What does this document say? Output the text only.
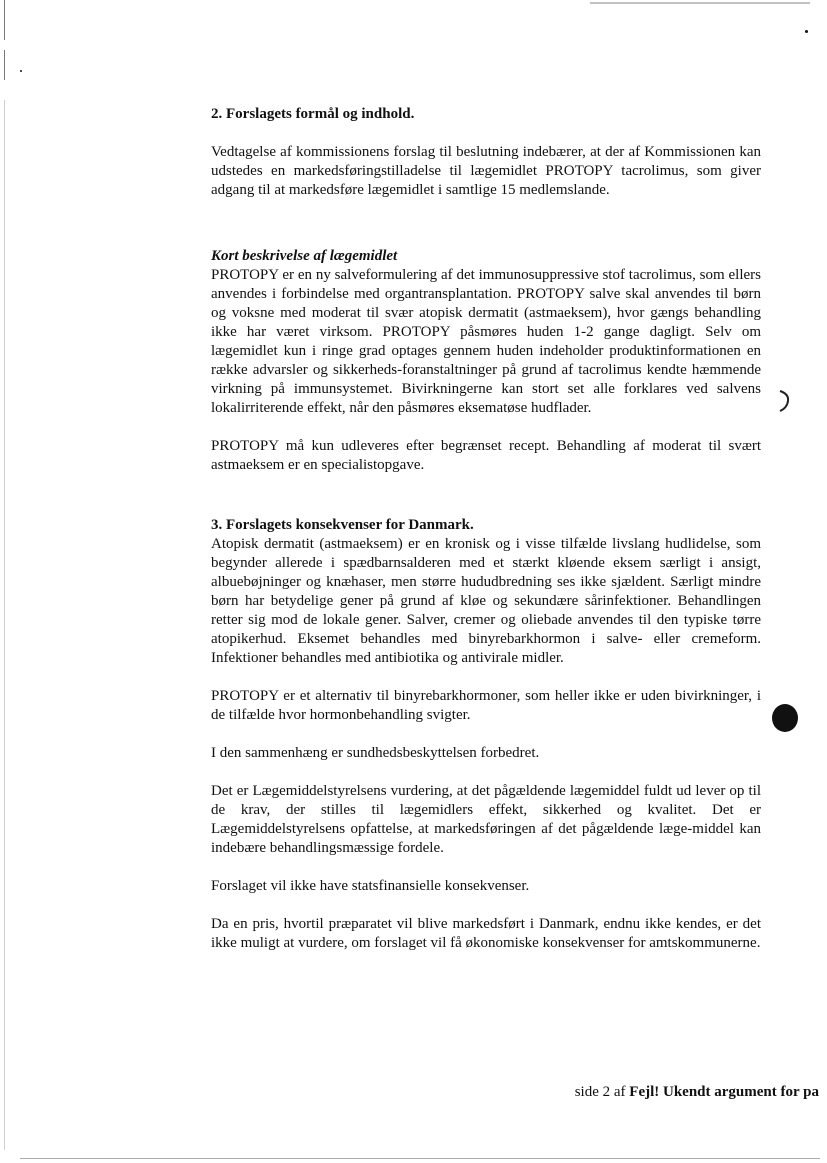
2. Forslagets formål og indhold.

Vedtagelse af kommissionens forslag til beslutning indebærer, at der af Kommissionen kan udstedes en markedsføringstilladelse til lægemidlet PROTOPY tacrolimus, som giver adgang til at markedsføre lægemidlet i samtlige 15 medlemslande.

Kort beskrivelse af lægemidlet

PROTOPY er en ny salveformulering af det immunosuppressive stof tacrolimus, som ellers anvendes i forbindelse med organtransplantation. PROTOPY salve skal anvendes til børn og voksne med moderat til svær atopisk dermatit (astmaeksem), hvor gængs behandling ikke har været virksom. PROTOPY påsmøres huden 1-2 gange dagligt. Selv om lægemidlet kun i ringe grad optages gennem huden indeholder produktinformationen en række advarsler og sikkerheds-foranstaltninger på grund af tacrolimus kendte hæmmende virkning på immunsystemet. Bivirkningerne kan stort set alle forklares ved salvens lokalirriterende effekt, når den påsmøres eksematøse hudflader.

PROTOPY må kun udleveres efter begrænset recept. Behandling af moderat til svært astmaeksem er en specialistopgave.

3. Forslagets konsekvenser for Danmark.

Atopisk dermatit (astmaeksem) er en kronisk og i visse tilfælde livslang hudlidelse, som begynder allerede i spædbarnsalderen med et stærkt kløende eksem særligt i ansigt, albuebøjninger og knæhaser, men større hududbredning ses ikke sjældent. Særligt mindre børn har betydelige gener på grund af kløe og sekundære sårinfektioner. Behandlingen retter sig mod de lokale gener. Salver, cremer og oliebade anvendes til den typiske tørre atopikerhud. Eksemet behandles med binyrebarkhormon i salve- eller cremeform. Infektioner behandles med antibiotika og antivirale midler.

PROTOPY er et alternativ til binyrebarkhormoner, som heller ikke er uden bivirkninger, i de tilfælde hvor hormonbehandling svigter.

I den sammenhæng er sundhedsbeskyttelsen forbedret.

Det er Lægemiddelstyrelsens vurdering, at det pågældende lægemiddel fuldt ud lever op til de krav, der stilles til lægemidlers effekt, sikkerhed og kvalitet. Det er Lægemiddelstyrelsens opfattelse, at markedsføringen af det pågældende læge-middel kan indebære behandlingsmæssige fordele.

Forslaget vil ikke have statsfinansielle konsekvenser.

Da en pris, hvortil præparatet vil blive markedsført i Danmark, endnu ikke kendes, er det ikke muligt at vurdere, om forslaget vil få økonomiske konsekvenser for amtskommunerne.

side 2 af Fejl! Ukendt argument for pa
